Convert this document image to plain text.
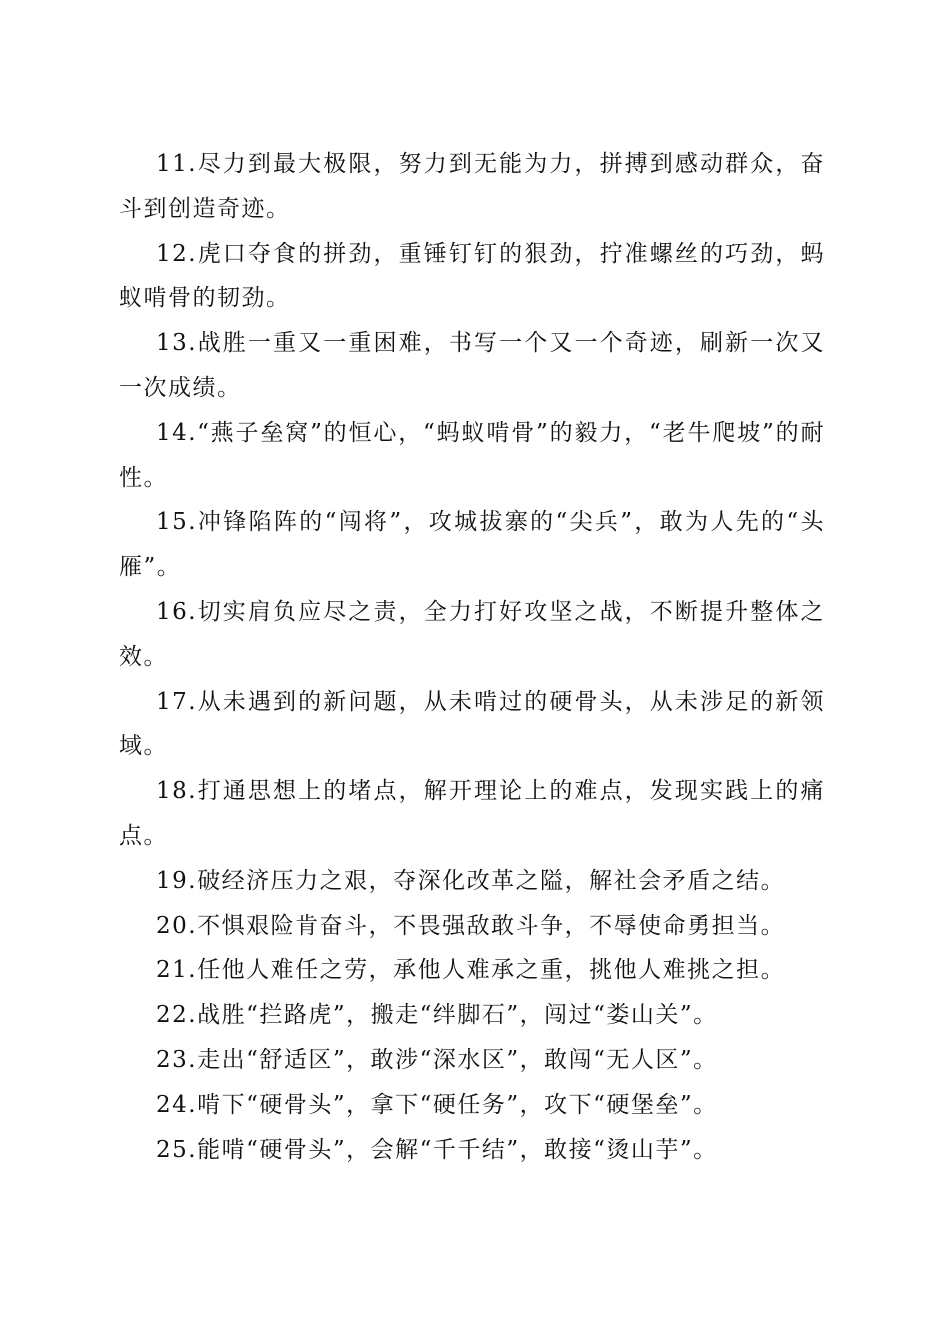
11.尽力到最大极限，努力到无能为力，拼搏到感动群众，奋斗到创造奇迹。

12.虎口夺食的拼劲，重锤钉钉的狠劲，拧准螺丝的巧劲，蚂蚁啃骨的韧劲。

13.战胜一重又一重困难，书写一个又一个奇迹，刷新一次又一次成绩。

14.“燕子垒窝”的恒心，“蚂蚁啃骨”的毅力，“老牛爬坡”的耐性。

15.冲锋陷阵的“闯将”，攻城拔寨的“尖兵”，敢为人先的“头雁”。

16.切实肩负应尽之责，全力打好攻坚之战，不断提升整体之效。

17.从未遇到的新问题，从未啃过的硬骨头，从未涉足的新领域。

18.打通思想上的堵点，解开理论上的难点，发现实践上的痛点。

19.破经济压力之艰，夺深化改革之隘，解社会矛盾之结。

20.不惧艰险肯奋斗，不畏强敌敢斗争，不辱使命勇担当。

21.任他人难任之劳，承他人难承之重，挑他人难挑之担。

22.战胜“拦路虎”，搬走“绊脚石”，闯过“娄山关”。

23.走出“舒适区”，敢涉“深水区”，敢闯“无人区”。

24.啃下“硬骨头”，拿下“硬任务”，攻下“硬堡垒”。

25.能啃“硬骨头”，会解“千千结”，敢接“烫山芋”。
